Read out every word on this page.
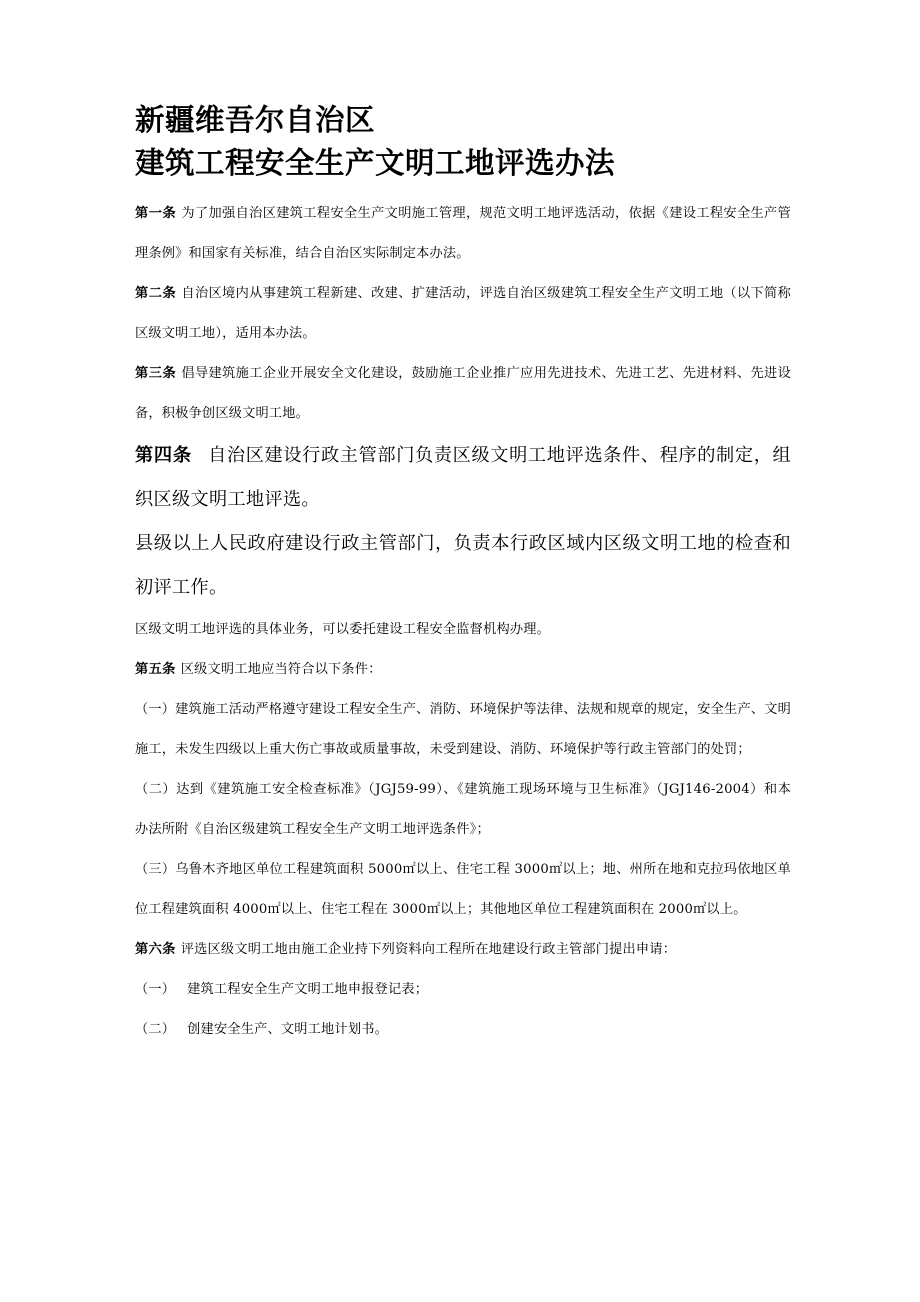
新疆维吾尔自治区
建筑工程安全生产文明工地评选办法

第一条 为了加强自治区建筑工程安全生产文明施工管理，规范文明工地评选活动，依据《建设工程安全生产管理条例》和国家有关标准，结合自治区实际制定本办法。

第二条 自治区境内从事建筑工程新建、改建、扩建活动，评选自治区级建筑工程安全生产文明工地（以下简称区级文明工地），适用本办法。

第三条 倡导建筑施工企业开展安全文化建设，鼓励施工企业推广应用先进技术、先进工艺、先进材料、先进设备，积极争创区级文明工地。

第四条 自治区建设行政主管部门负责区级文明工地评选条件、程序的制定，组织区级文明工地评选。

县级以上人民政府建设行政主管部门，负责本行政区域内区级文明工地的检查和初评工作。

区级文明工地评选的具体业务，可以委托建设工程安全监督机构办理。

第五条 区级文明工地应当符合以下条件：

（一）建筑施工活动严格遵守建设工程安全生产、消防、环境保护等法律、法规和规章的规定，安全生产、文明施工，未发生四级以上重大伤亡事故或质量事故，未受到建设、消防、环境保护等行政主管部门的处罚；

（二）达到《建筑施工安全检查标准》（JGJ59-99）、《建筑施工现场环境与卫生标准》（JGJ146-2004）和本办法所附《自治区级建筑工程安全生产文明工地评选条件》；

（三）乌鲁木齐地区单位工程建筑面积 5000㎡以上、住宅工程 3000㎡以上；地、州所在地和克拉玛依地区单位工程建筑面积 4000㎡以上、住宅工程在 3000㎡以上；其他地区单位工程建筑面积在 2000㎡以上。

第六条 评选区级文明工地由施工企业持下列资料向工程所在地建设行政主管部门提出申请：

（一） 建筑工程安全生产文明工地申报登记表；

（二） 创建安全生产、文明工地计划书。
